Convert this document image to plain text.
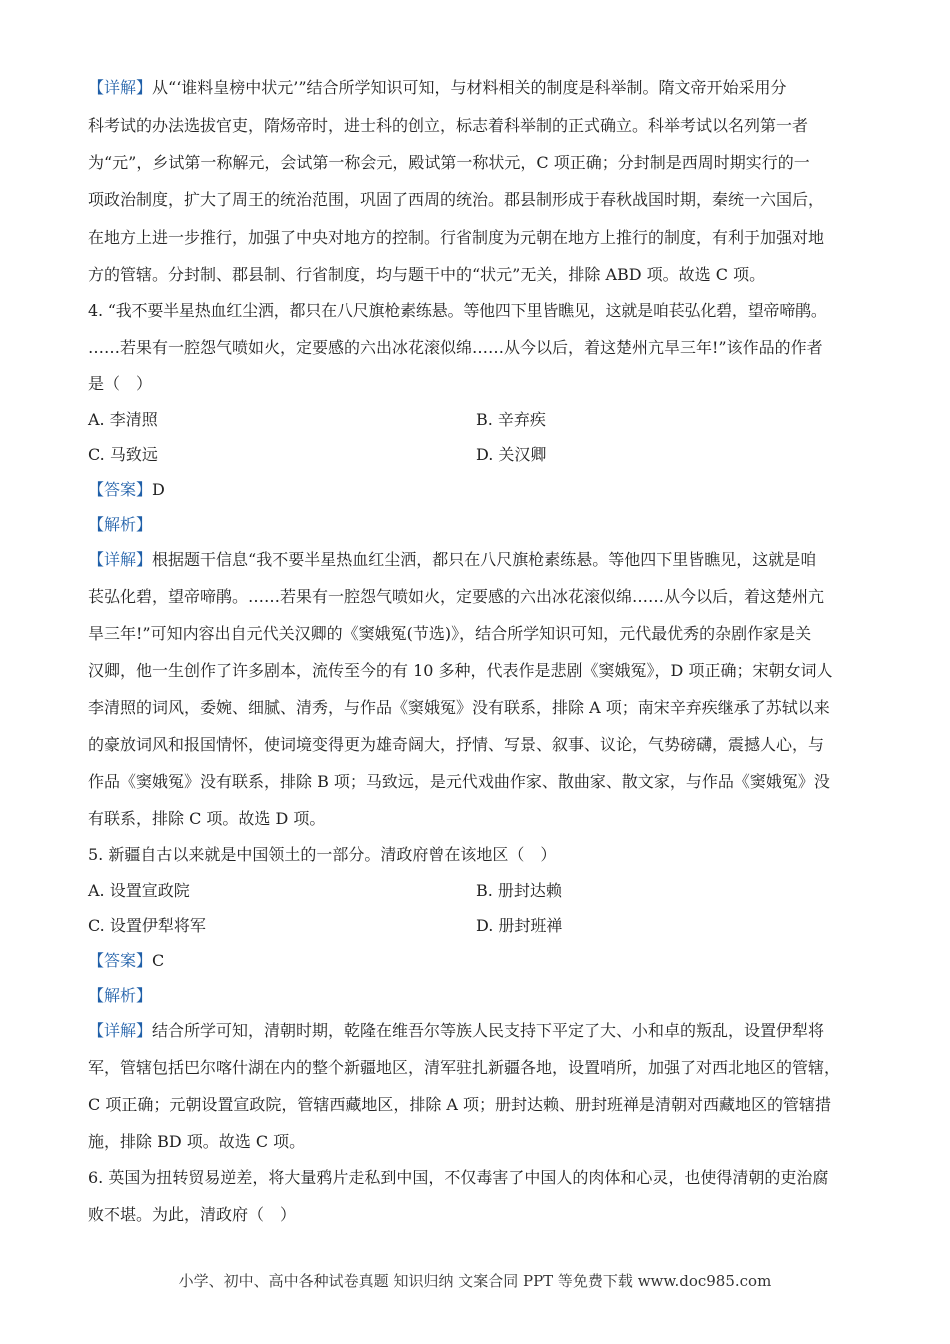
【详解】从“‘谁料皇榜中状元’”结合所学知识可知，与材料相关的制度是科举制。隋文帝开始采用分
科考试的办法选拔官吏，隋炀帝时，进士科的创立，标志着科举制的正式确立。科举考试以名列第一者
为“元”，乡试第一称解元，会试第一称会元，殿试第一称状元，C 项正确；分封制是西周时期实行的一
项政治制度，扩大了周王的统治范围，巩固了西周的统治。郡县制形成于春秋战国时期，秦统一六国后，
在地方上进一步推行，加强了中央对地方的控制。行省制度为元朝在地方上推行的制度，有利于加强对地
方的管辖。分封制、郡县制、行省制度，均与题干中的“状元”无关，排除 ABD 项。故选 C 项。
4. “我不要半星热血红尘洒，都只在八尺旗枪素练悬。等他四下里皆瞧见，这就是咱苌弘化碧，望帝啼鹃。
……若果有一腔怨气喷如火，定要感的六出冰花滚似绵……从今以后，着这楚州亢旱三年!”该作品的作者
是（　）
A. 李清照	B. 辛弃疾
C. 马致远	D. 关汉卿
【答案】D
【解析】
【详解】根据题干信息“我不要半星热血红尘洒，都只在八尺旗枪素练悬。等他四下里皆瞧见，这就是咱
苌弘化碧，望帝啼鹃。……若果有一腔怨气喷如火，定要感的六出冰花滚似绵……从今以后，着这楚州亢
旱三年!”可知内容出自元代关汉卿的《窦娥冤(节选)》，结合所学知识可知，元代最优秀的杂剧作家是关
汉卿，他一生创作了许多剧本，流传至今的有 10 多种，代表作是悲剧《窦娥冤》，D 项正确；宋朝女词人
李清照的词风，委婉、细腻、清秀，与作品《窦娥冤》没有联系，排除 A 项；南宋辛弃疾继承了苏轼以来
的豪放词风和报国情怀，使词境变得更为雄奇阔大，抒情、写景、叙事、议论，气势磅礴，震撼人心，与
作品《窦娥冤》没有联系，排除 B 项；马致远，是元代戏曲作家、散曲家、散文家，与作品《窦娥冤》没
有联系，排除 C 项。故选 D 项。
5. 新疆自古以来就是中国领土的一部分。清政府曾在该地区（　）
A. 设置宣政院	B. 册封达赖
C. 设置伊犁将军	D. 册封班禅
【答案】C
【解析】
【详解】结合所学可知，清朝时期，乾隆在维吾尔等族人民支持下平定了大、小和卓的叛乱，设置伊犁将
军，管辖包括巴尔喀什湖在内的整个新疆地区，清军驻扎新疆各地，设置哨所，加强了对西北地区的管辖，
C 项正确；元朝设置宣政院，管辖西藏地区，排除 A 项；册封达赖、册封班禅是清朝对西藏地区的管辖措
施，排除 BD 项。故选 C 项。
6. 英国为扭转贸易逆差，将大量鸦片走私到中国，不仅毒害了中国人的肉体和心灵，也使得清朝的吏治腐
败不堪。为此，清政府（　）
小学、初中、高中各种试卷真题 知识归纳 文案合同 PPT 等免费下载 www.doc985.com
